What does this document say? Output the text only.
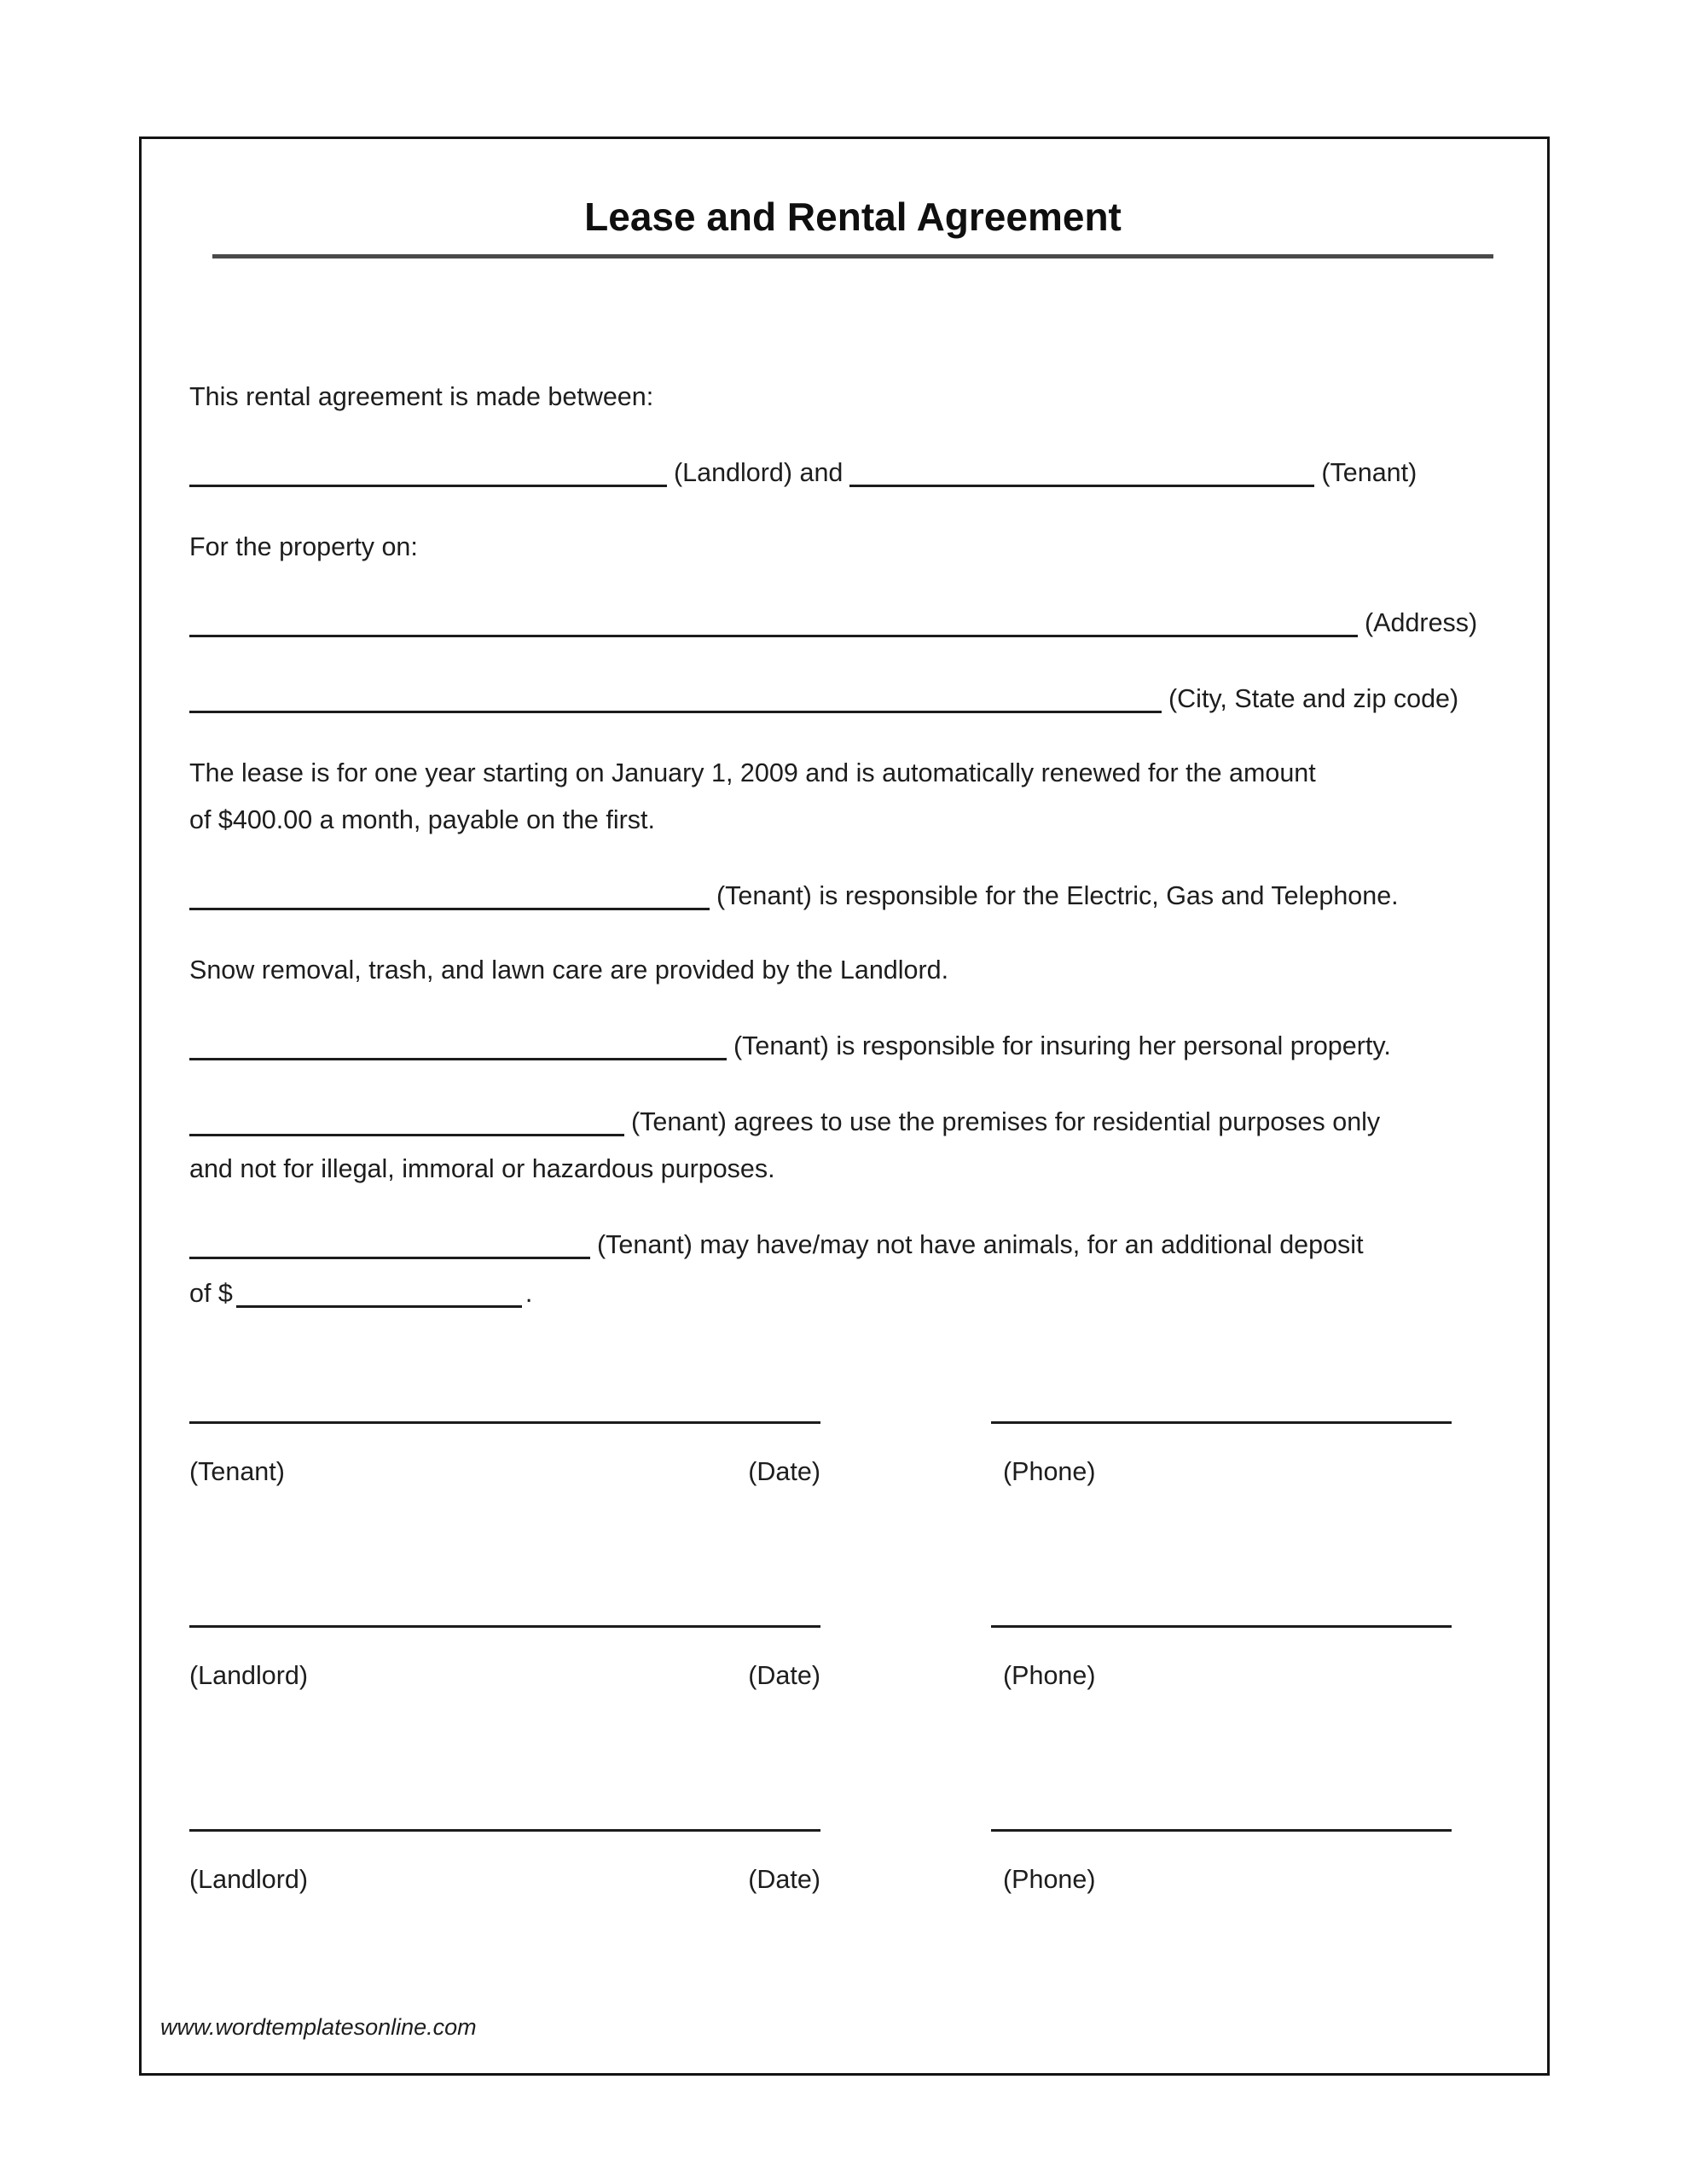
Lease and Rental Agreement
This rental agreement is made between:
(Landlord) and	(Tenant)
For the property on:
(Address)
(City, State and zip code)
The lease is for one year starting on January 1, 2009 and is automatically renewed for the amount
of $400.00 a month, payable on the first.
(Tenant) is responsible for the Electric, Gas and Telephone.
Snow removal, trash, and lawn care are provided by the Landlord.
(Tenant) is responsible for insuring her personal property.
(Tenant) agrees to use the premises for residential purposes only
and not for illegal, immoral or hazardous purposes.
(Tenant) may have/may not have animals, for an additional deposit
of $	.
(Tenant)	(Date)	(Phone)
(Landlord)	(Date)	(Phone)
(Landlord)	(Date)	(Phone)
www.wordtemplatesonline.com
